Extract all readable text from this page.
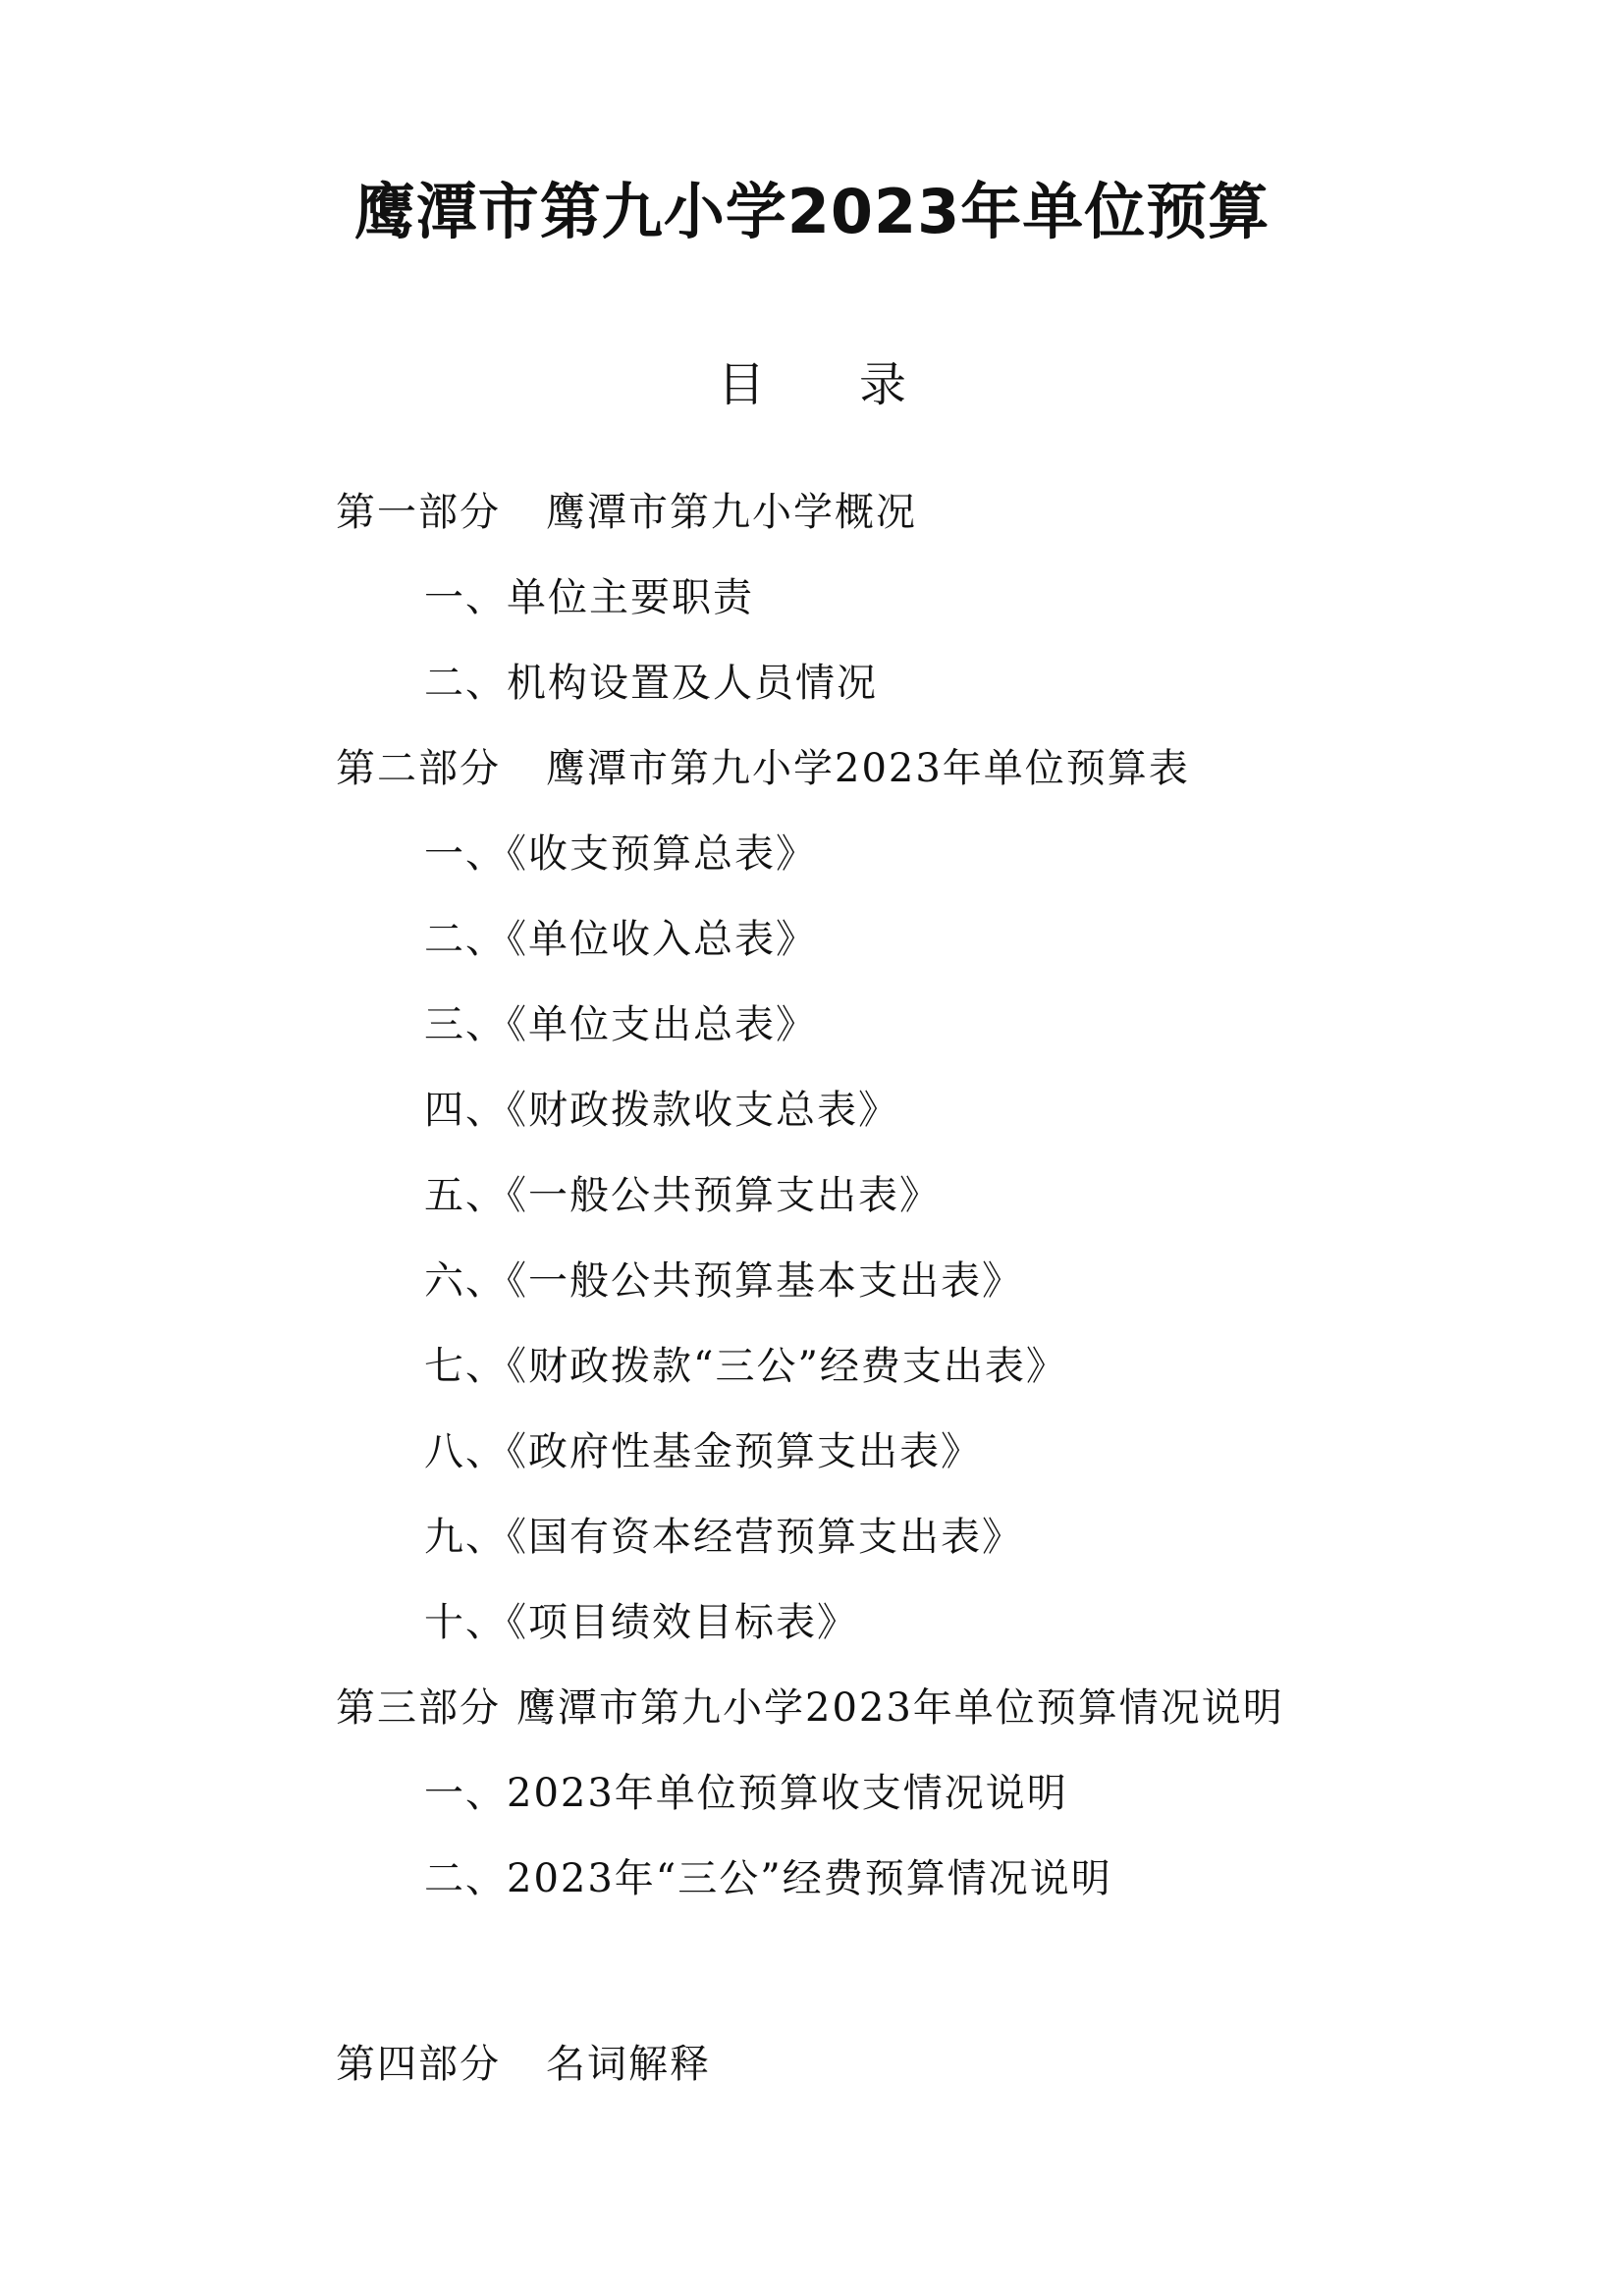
鹰潭市第九小学2023年单位预算
目 录
第一部分 鹰潭市第九小学概况
一、单位主要职责
二、机构设置及人员情况
第二部分 鹰潭市第九小学2023年单位预算表
一、《收支预算总表》
二、《单位收入总表》
三、《单位支出总表》
四、《财政拨款收支总表》
五、《一般公共预算支出表》
六、《一般公共预算基本支出表》
七、《财政拨款“三公”经费支出表》
八、《政府性基金预算支出表》
九、《国有资本经营预算支出表》
十、《项目绩效目标表》
第三部分 鹰潭市第九小学2023年单位预算情况说明
一、2023年单位预算收支情况说明
二、2023年“三公”经费预算情况说明
第四部分 名词解释
